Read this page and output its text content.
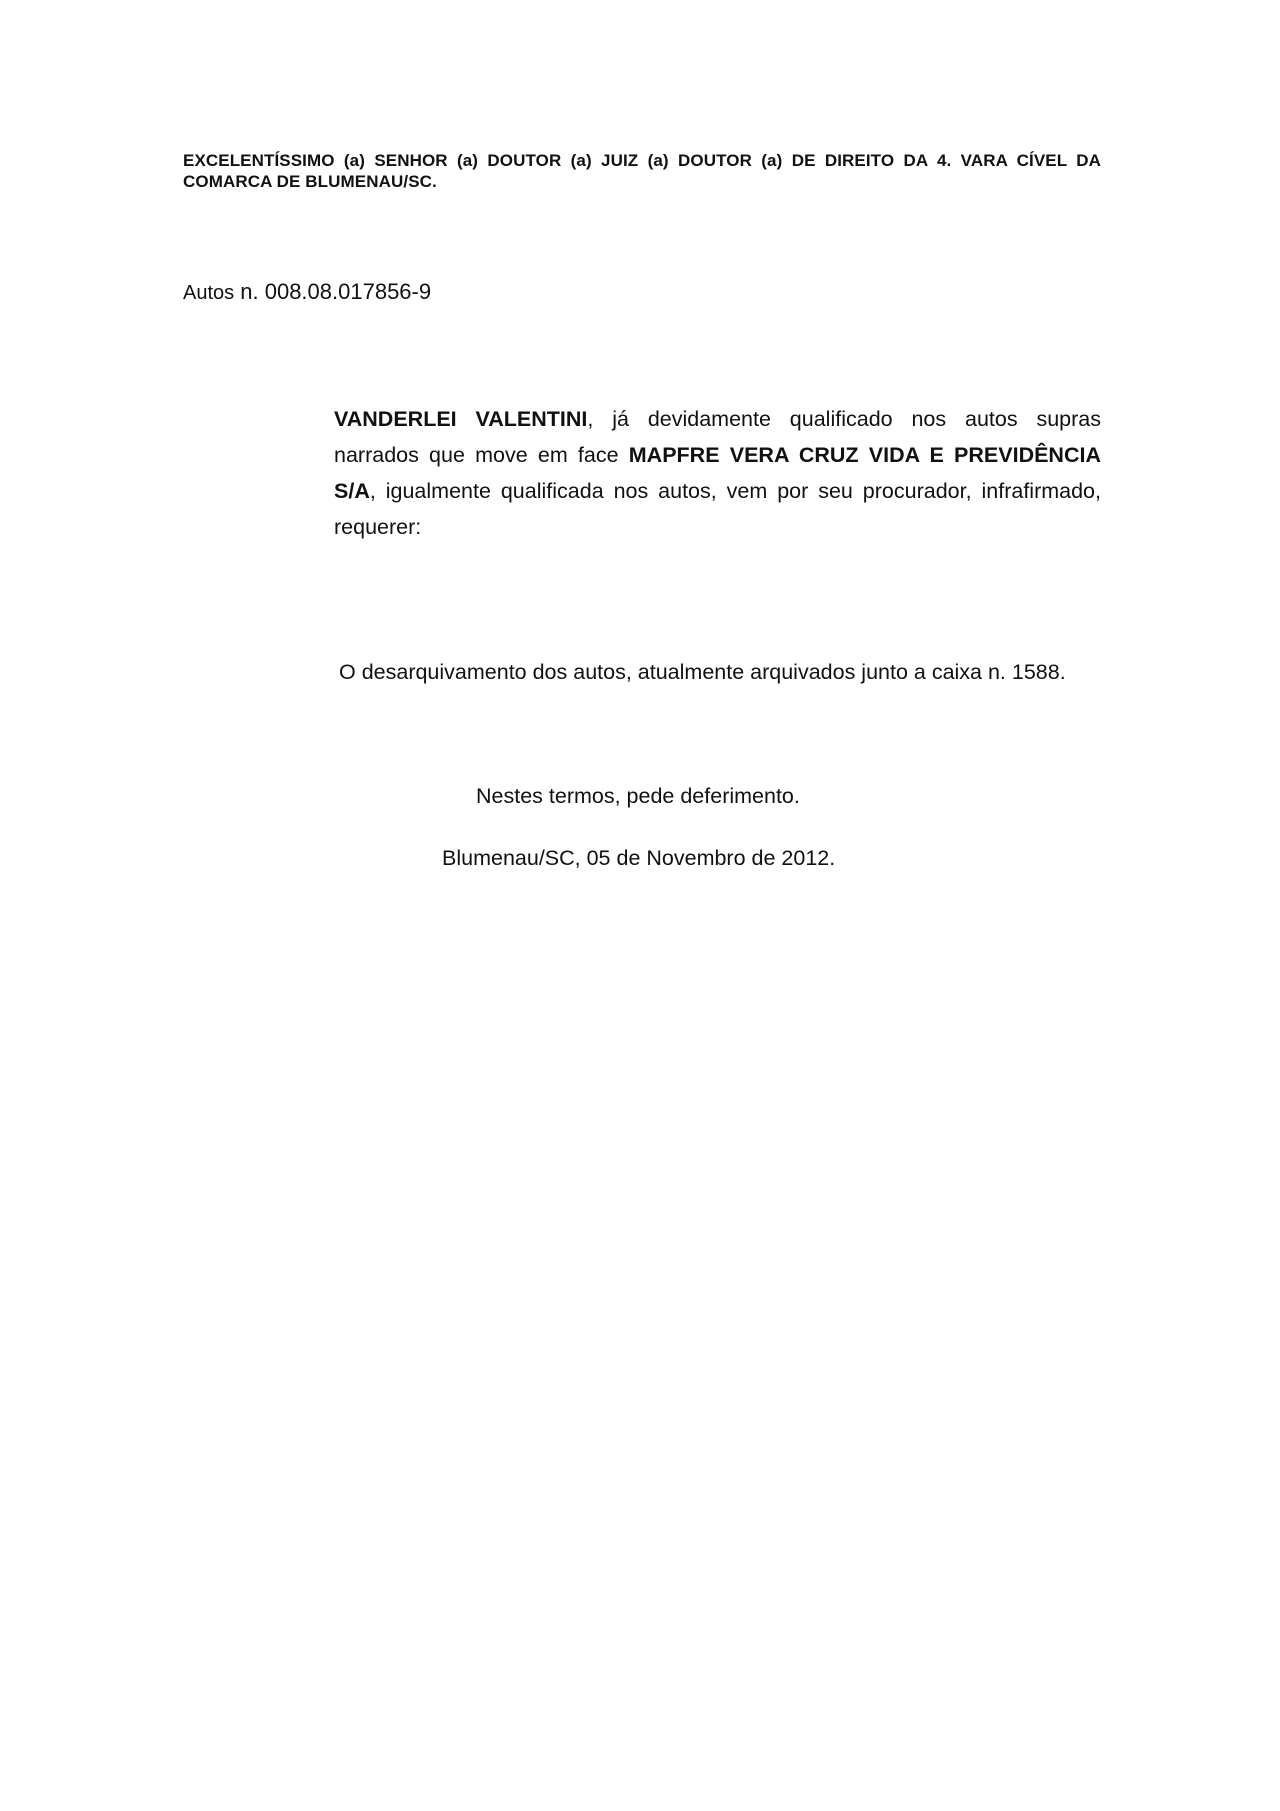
EXCELENTÍSSIMO (a) SENHOR (a) DOUTOR (a) JUIZ (a) DOUTOR (a) DE DIREITO DA 4. VARA CÍVEL DA COMARCA DE BLUMENAU/SC.
Autos n. 008.08.017856-9
VANDERLEI VALENTINI, já devidamente qualificado nos autos supras narrados que move em face MAPFRE VERA CRUZ VIDA E PREVIDÊNCIA S/A, igualmente qualificada nos autos, vem por seu procurador, infrafirmado, requerer:
O desarquivamento dos autos, atualmente arquivados junto a caixa n. 1588.
Nestes termos, pede deferimento.
Blumenau/SC, 05 de Novembro de 2012.
